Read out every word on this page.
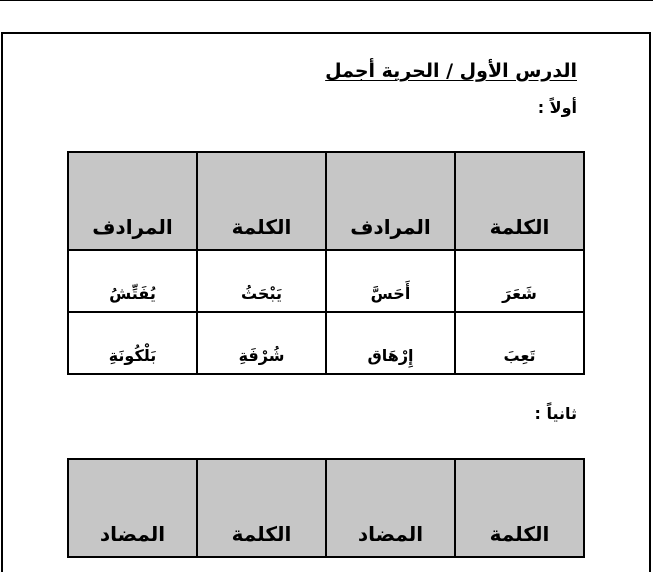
الدرس الأول / الحرية أجمل
أولاً :
الكلمة	المرادف	الكلمة	المرادف
شَعَرَ	أَحَسَّ	يَبْحَثُ	يُفَتِّشُ
تَعِبَ	إِرْهَاق	شُرْفَةِ	بَلْكُونَةِ
ثانياً :
الكلمة	المضاد	الكلمة	المضاد
